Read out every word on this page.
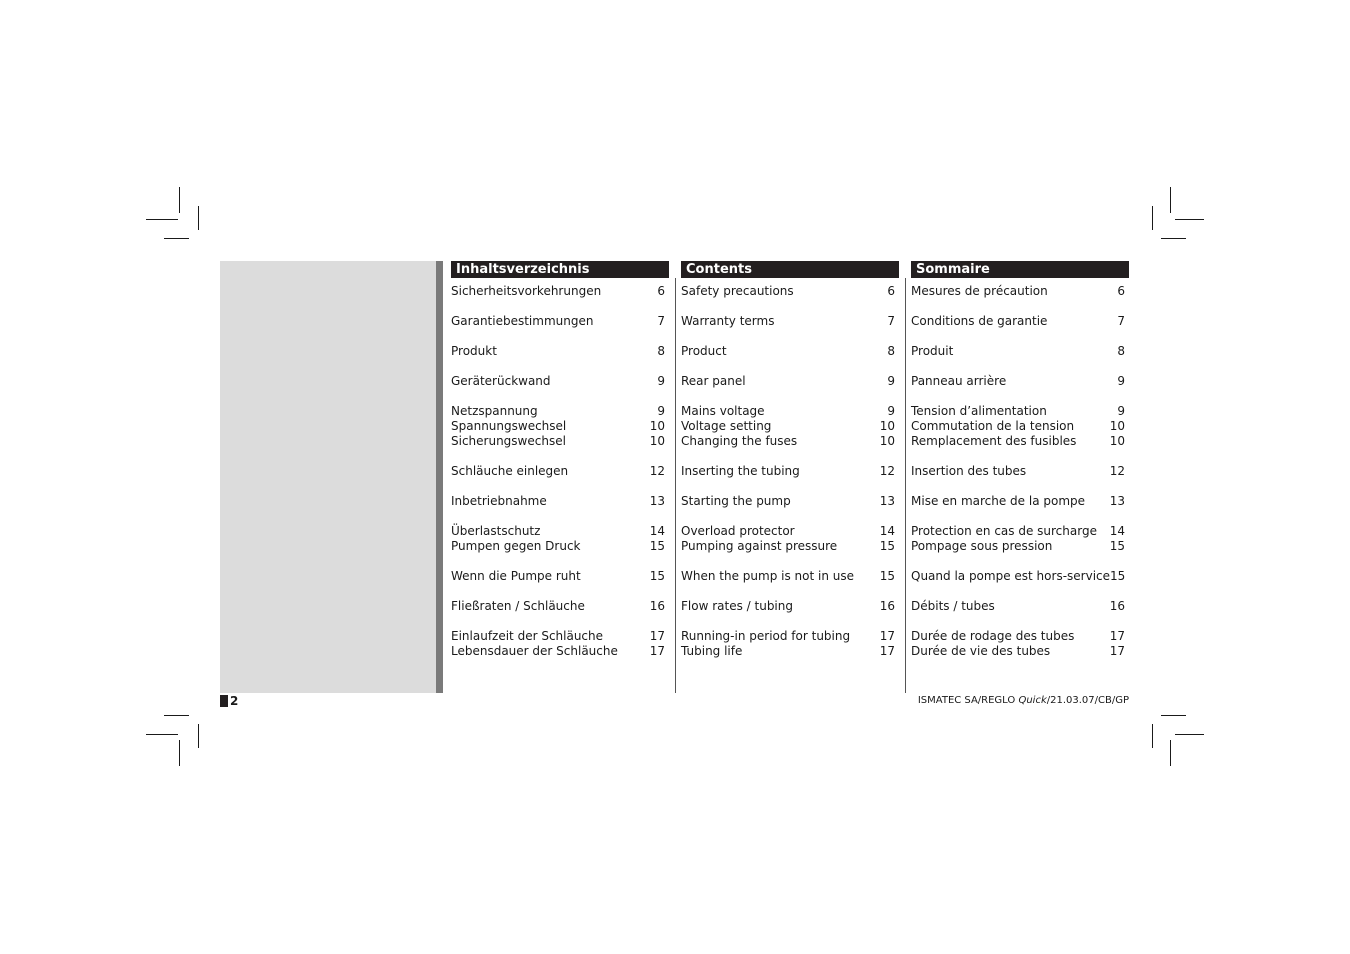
Inhaltsverzeichnis
Sicherheitsvorkehrungen	6
Garantiebestimmungen	7
Produkt	8
Geräterückwand	9
Netzspannung	9
Spannungswechsel	10
Sicherungswechsel	10
Schläuche einlegen	12
Inbetriebnahme	13
Überlastschutz	14
Pumpen gegen Druck	15
Wenn die Pumpe ruht	15
Fließraten / Schläuche	16
Einlaufzeit der Schläuche	17
Lebensdauer der Schläuche	17
Contents
Safety precautions	6
Warranty terms	7
Product	8
Rear panel	9
Mains voltage	9
Voltage setting	10
Changing the fuses	10
Inserting the tubing	12
Starting the pump	13
Overload protector	14
Pumping against pressure	15
When the pump is not in use 15
Flow rates / tubing	16
Running-in period for tubing 17
Tubing life	17
Sommaire
Mesures de précaution	6
Conditions de garantie	7
Produit	8
Panneau arrière	9
Tension d’alimentation	9
Commutation de la tension	10
Remplacement des fusibles	10
Insertion des tubes	12
Mise en marche de la pompe 13
Protection en cas de surcharge 14
Pompage sous pression	15
Quand la pompe est hors-service 15
Débits / tubes	16
Durée de rodage des tubes	17
Durée de vie des tubes	17
2	ISMATEC SA/REGLO Quick/21.03.07/CB/GP
